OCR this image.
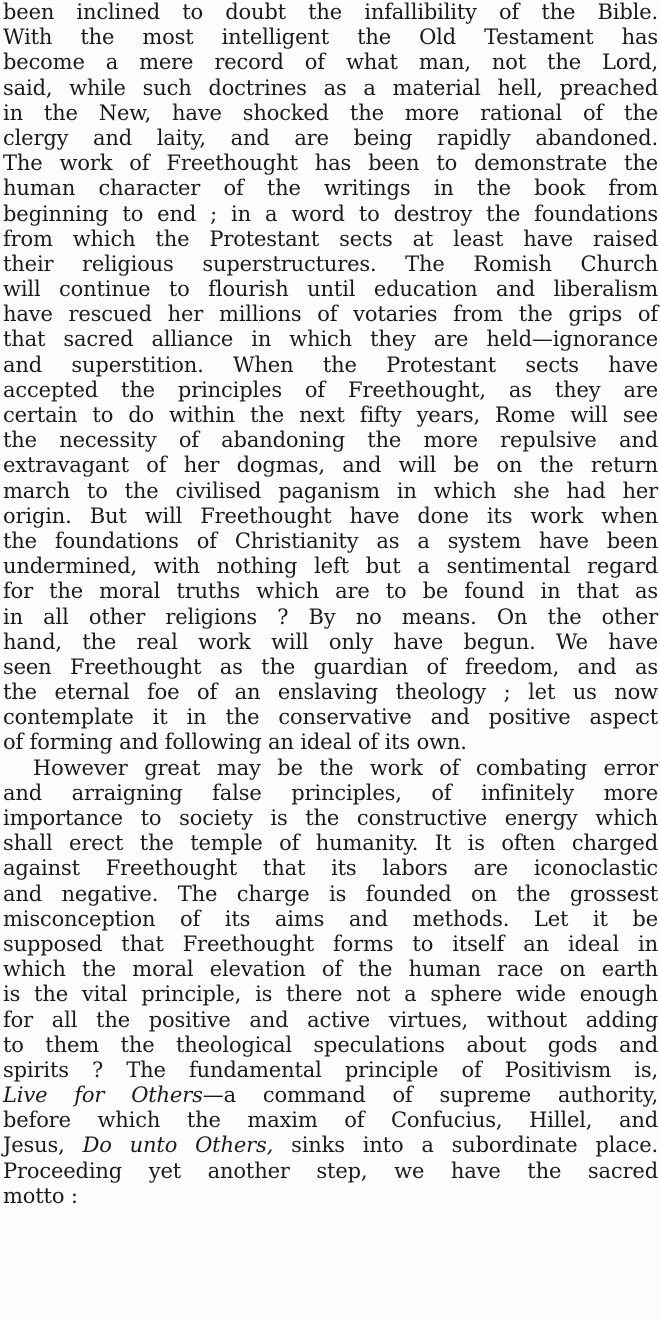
been inclined to doubt the infallibility of the Bible.
With the most intelligent the Old Testament has
become a mere record of what man, not the Lord,
said, while such doctrines as a material hell, preached
in the New, have shocked the more rational of the
clergy and laity, and are being rapidly abandoned.
The work of Freethought has been to demonstrate the
human character of the writings in the book from
beginning to end ; in a word to destroy the foundations
from which the Protestant sects at least have raised
their religious superstructures. The Romish Church
will continue to flourish until education and liberalism
have rescued her millions of votaries from the grips of
that sacred alliance in which they are held—ignorance
and superstition. When the Protestant sects have
accepted the principles of Freethought, as they are
certain to do within the next fifty years, Rome will see
the necessity of abandoning the more repulsive and
extravagant of her dogmas, and will be on the return
march to the civilised paganism in which she had her
origin. But will Freethought have done its work when
the foundations of Christianity as a system have been
undermined, with nothing left but a sentimental regard
for the moral truths which are to be found in that as
in all other religions ? By no means. On the other
hand, the real work will only have begun. We have
seen Freethought as the guardian of freedom, and as
the eternal foe of an enslaving theology ; let us now
contemplate it in the conservative and positive aspect
of forming and following an ideal of its own.
However great may be the work of combating error
and arraigning false principles, of infinitely more
importance to society is the constructive energy which
shall erect the temple of humanity. It is often charged
against Freethought that its labors are iconoclastic
and negative. The charge is founded on the grossest
misconception of its aims and methods. Let it be
supposed that Freethought forms to itself an ideal in
which the moral elevation of the human race on earth
is the vital principle, is there not a sphere wide enough
for all the positive and active virtues, without adding
to them the theological speculations about gods and
spirits ? The fundamental principle of Positivism is,
Live for Others—a command of supreme authority,
before which the maxim of Confucius, Hillel, and
Jesus, Do unto Others, sinks into a subordinate place.
Proceeding yet another step, we have the sacred
motto :
